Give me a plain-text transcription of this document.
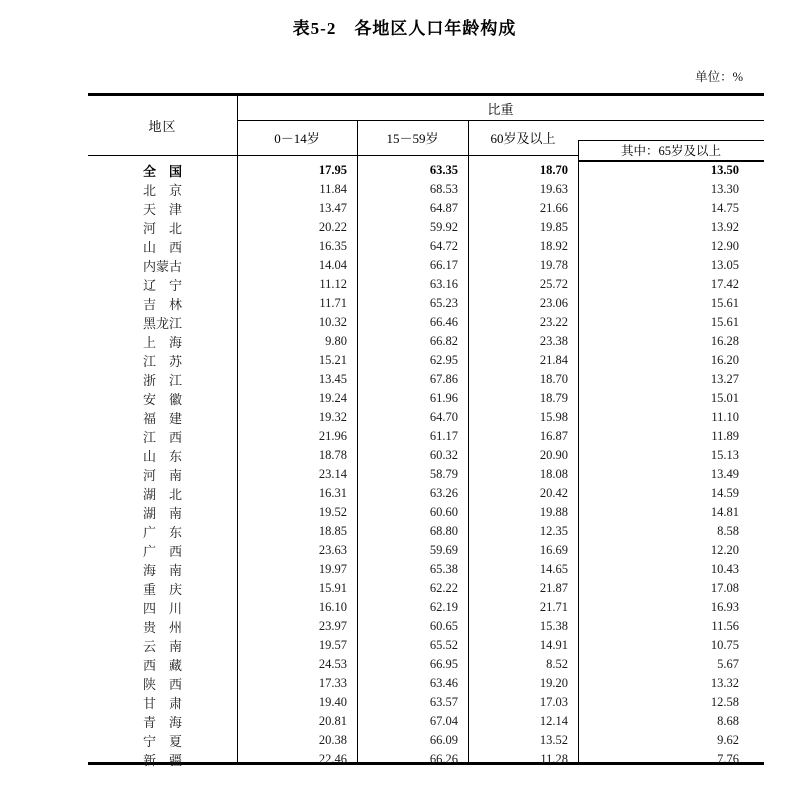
表5-2　各地区人口年龄构成
单位：%
地区
比重
0－14岁	15－59岁	60岁及以上
其中：65岁及以上
全　国	17.95	63.35	18.70	13.50
北　京	11.84	68.53	19.63	13.30
天　津	13.47	64.87	21.66	14.75
河　北	20.22	59.92	19.85	13.92
山　西	16.35	64.72	18.92	12.90
内蒙古	14.04	66.17	19.78	13.05
辽　宁	11.12	63.16	25.72	17.42
吉　林	11.71	65.23	23.06	15.61
黑龙江	10.32	66.46	23.22	15.61
上　海	9.80	66.82	23.38	16.28
江　苏	15.21	62.95	21.84	16.20
浙　江	13.45	67.86	18.70	13.27
安　徽	19.24	61.96	18.79	15.01
福　建	19.32	64.70	15.98	11.10
江　西	21.96	61.17	16.87	11.89
山　东	18.78	60.32	20.90	15.13
河　南	23.14	58.79	18.08	13.49
湖　北	16.31	63.26	20.42	14.59
湖　南	19.52	60.60	19.88	14.81
广　东	18.85	68.80	12.35	8.58
广　西	23.63	59.69	16.69	12.20
海　南	19.97	65.38	14.65	10.43
重　庆	15.91	62.22	21.87	17.08
四　川	16.10	62.19	21.71	16.93
贵　州	23.97	60.65	15.38	11.56
云　南	19.57	65.52	14.91	10.75
西　藏	24.53	66.95	8.52	5.67
陕　西	17.33	63.46	19.20	13.32
甘　肃	19.40	63.57	17.03	12.58
青　海	20.81	67.04	12.14	8.68
宁　夏	20.38	66.09	13.52	9.62
新　疆	22.46	66.26	11.28	7.76
